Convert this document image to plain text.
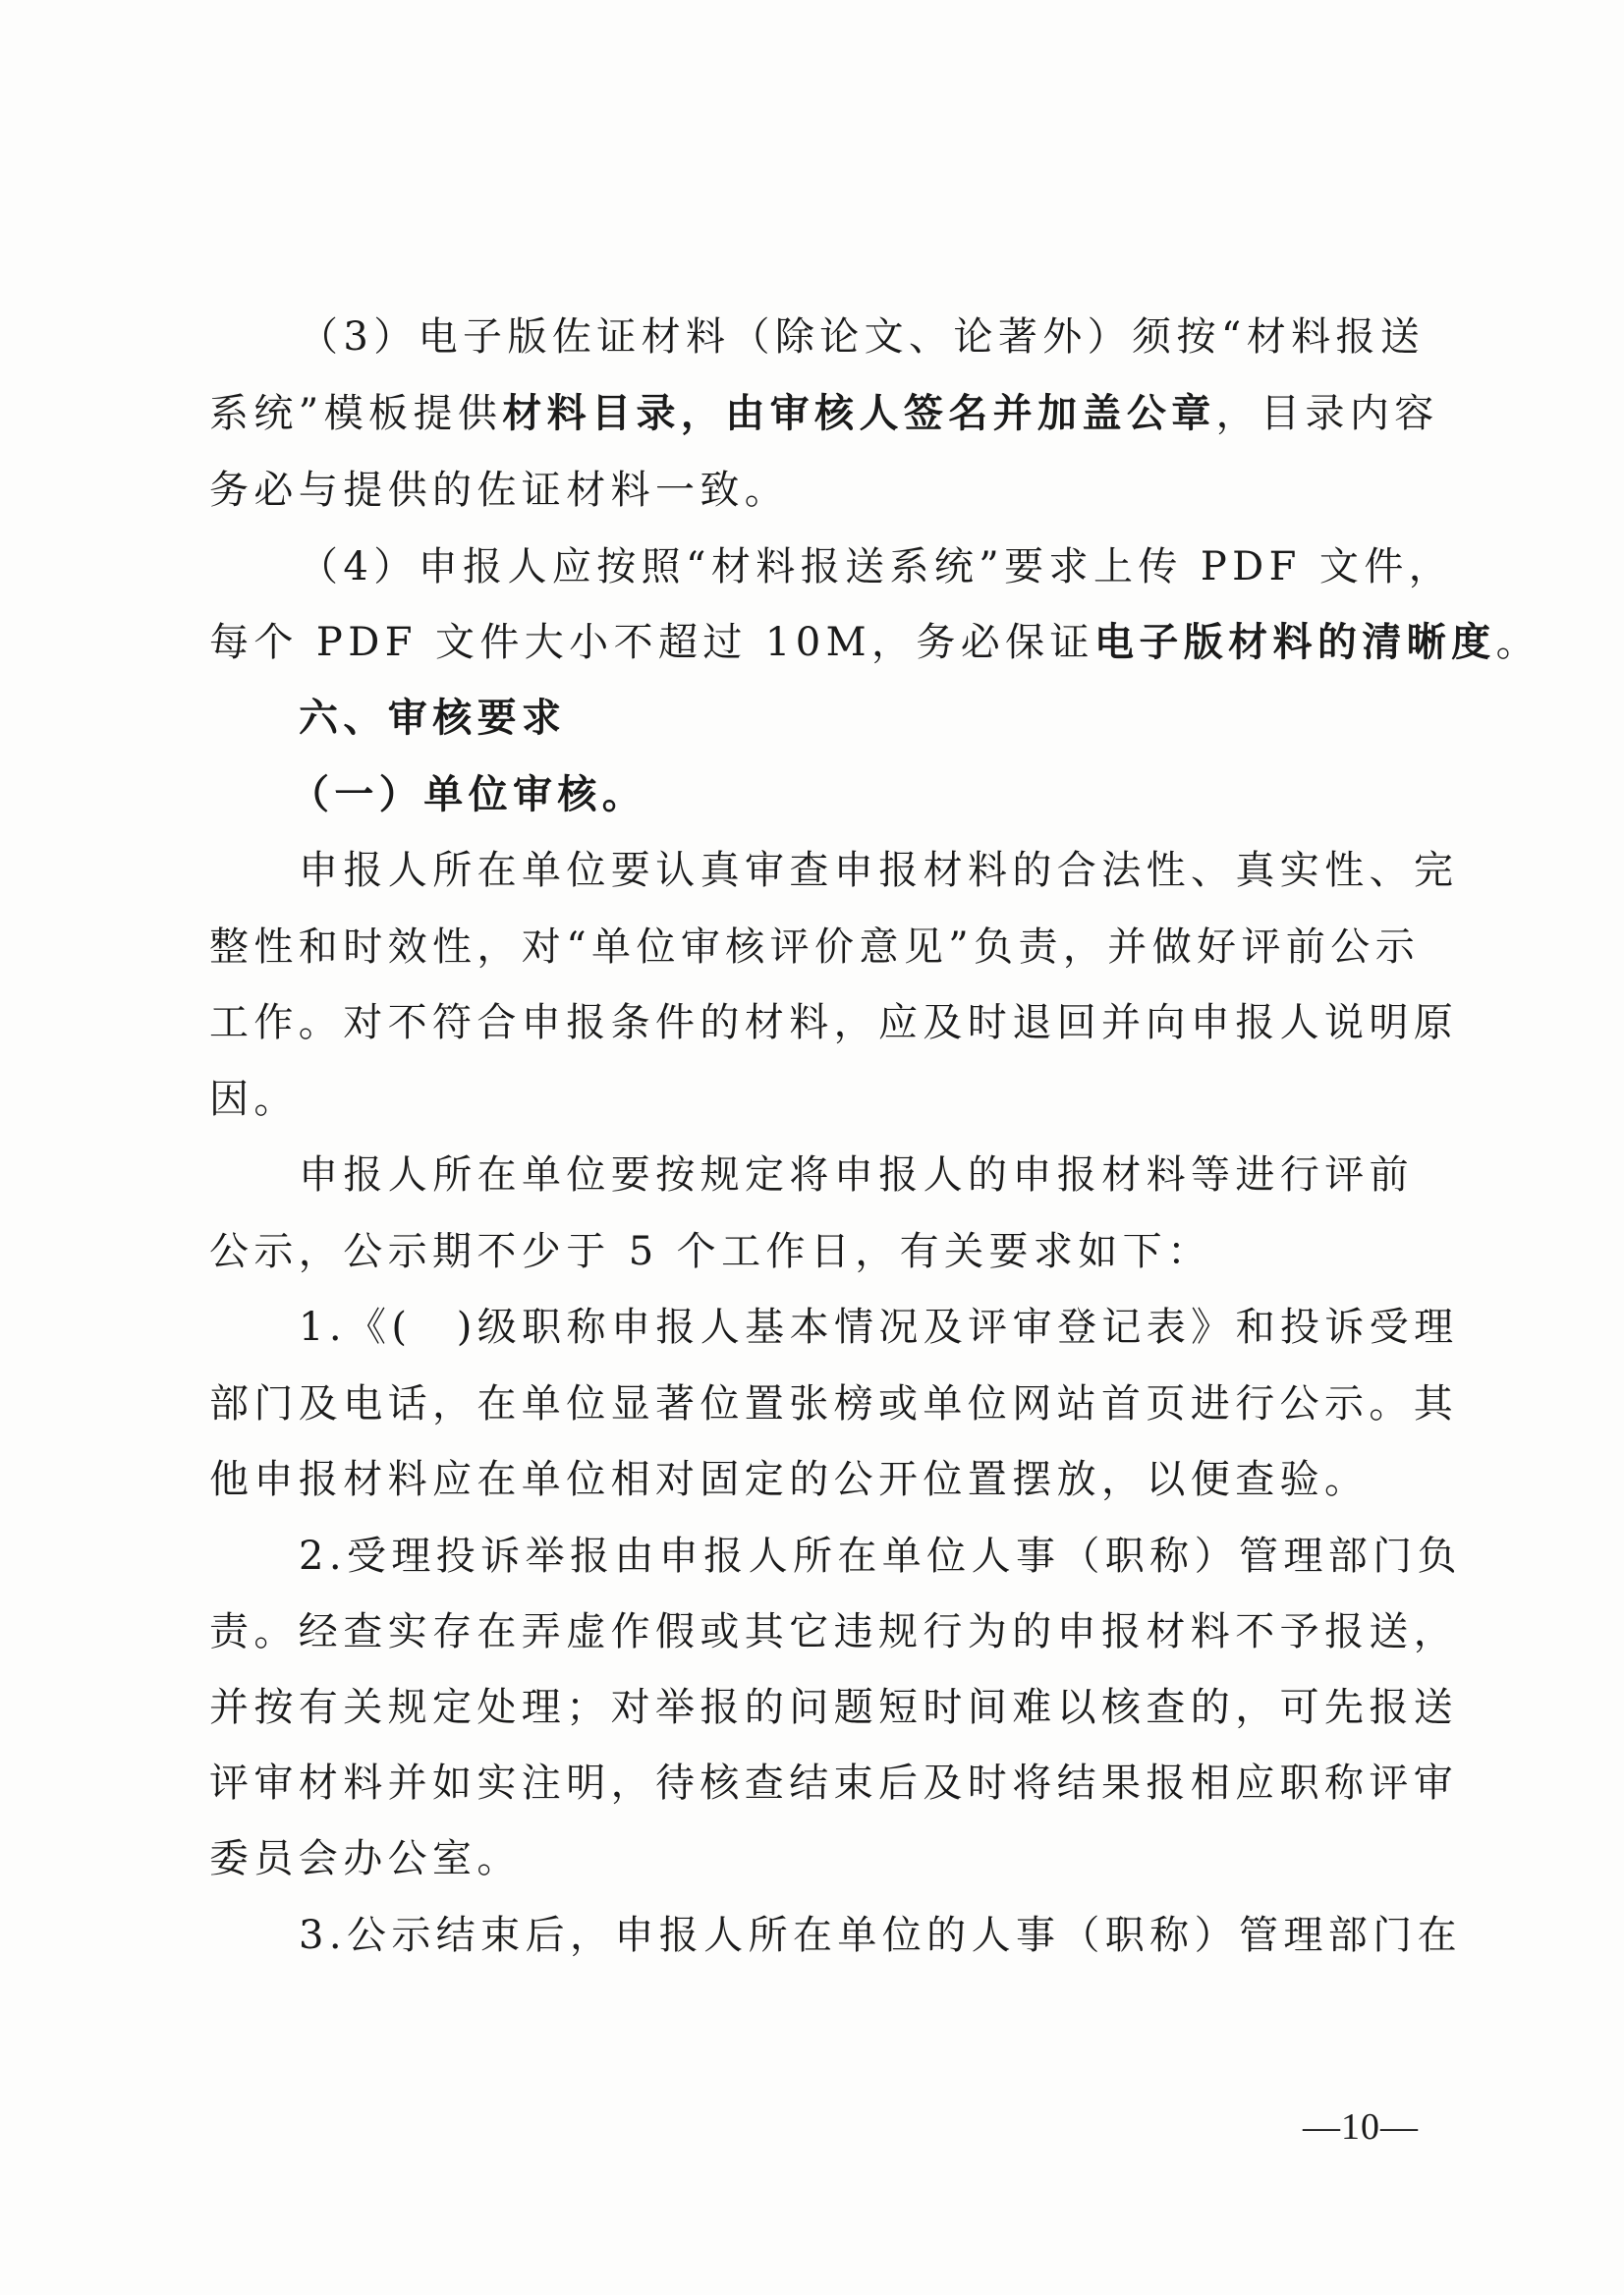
（3）电子版佐证材料（除论文、论著外）须按“材料报送
系统”模板提供材料目录，由审核人签名并加盖公章，目录内容
务必与提供的佐证材料一致。
（4）申报人应按照“材料报送系统”要求上传 PDF 文件，
每个 PDF 文件大小不超过 10M，务必保证电子版材料的清晰度。
六、审核要求
（一）单位审核。
申报人所在单位要认真审查申报材料的合法性、真实性、完
整性和时效性，对“单位审核评价意见”负责，并做好评前公示
工作。对不符合申报条件的材料，应及时退回并向申报人说明原
因。
申报人所在单位要按规定将申报人的申报材料等进行评前
公示，公示期不少于 5 个工作日，有关要求如下：
1.《(　)级职称申报人基本情况及评审登记表》和投诉受理
部门及电话，在单位显著位置张榜或单位网站首页进行公示。其
他申报材料应在单位相对固定的公开位置摆放，以便查验。
2.受理投诉举报由申报人所在单位人事（职称）管理部门负
责。经查实存在弄虚作假或其它违规行为的申报材料不予报送，
并按有关规定处理；对举报的问题短时间难以核查的，可先报送
评审材料并如实注明，待核查结束后及时将结果报相应职称评审
委员会办公室。
3.公示结束后，申报人所在单位的人事（职称）管理部门在
—10—
